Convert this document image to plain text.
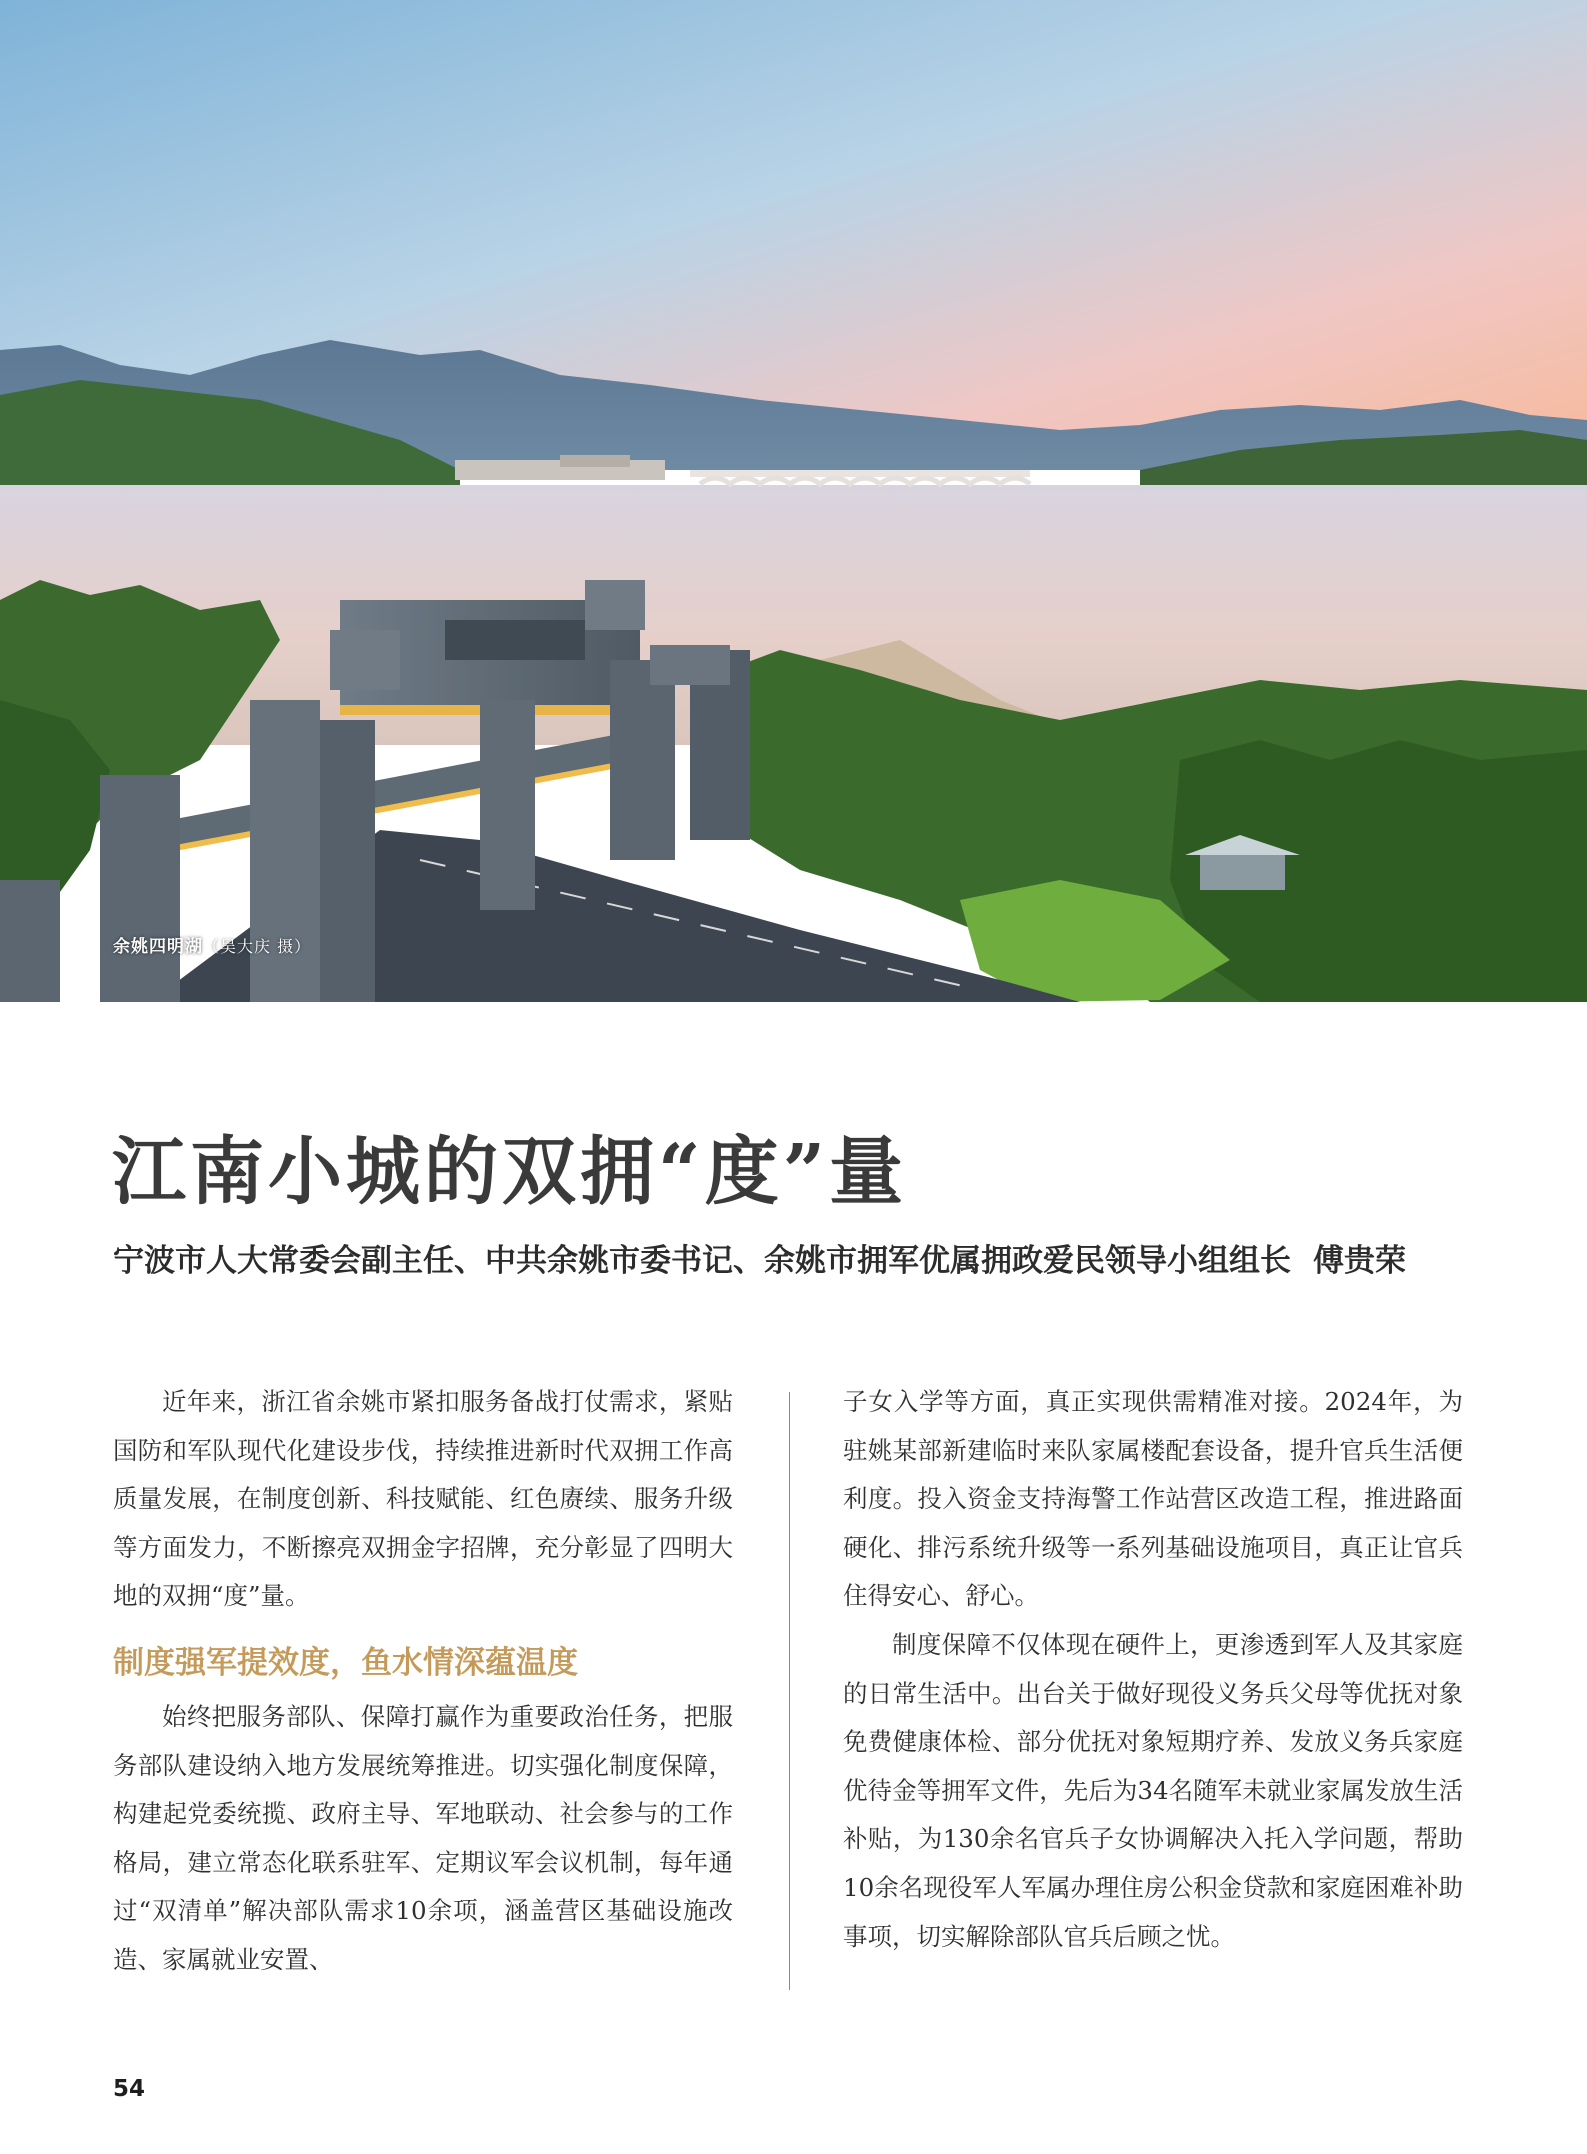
余姚四明湖（吴大庆 摄）
江南小城的双拥“度”量
宁波市人大常委会副主任、中共余姚市委书记、余姚市拥军优属拥政爱民领导小组组长 傅贵荣

近年来，浙江省余姚市紧扣服务备战打仗需求，紧贴国防和军队现代化建设步伐，持续推进新时代双拥工作高质量发展，在制度创新、科技赋能、红色赓续、服务升级等方面发力，不断擦亮双拥金字招牌，充分彰显了四明大地的双拥“度”量。

制度强军提效度，鱼水情深蕴温度

始终把服务部队、保障打赢作为重要政治任务，把服务部队建设纳入地方发展统筹推进。切实强化制度保障，构建起党委统揽、政府主导、军地联动、社会参与的工作格局，建立常态化联系驻军、定期议军会议机制，每年通过“双清单”解决部队需求10余项，涵盖营区基础设施改造、家属就业安置、

子女入学等方面，真正实现供需精准对接。2024年，为驻姚某部新建临时来队家属楼配套设备，提升官兵生活便利度。投入资金支持海警工作站营区改造工程，推进路面硬化、排污系统升级等一系列基础设施项目，真正让官兵住得安心、舒心。

制度保障不仅体现在硬件上，更渗透到军人及其家庭的日常生活中。出台关于做好现役义务兵父母等优抚对象免费健康体检、部分优抚对象短期疗养、发放义务兵家庭优待金等拥军文件，先后为34名随军未就业家属发放生活补贴，为130余名官兵子女协调解决入托入学问题，帮助10余名现役军人军属办理住房公积金贷款和家庭困难补助事项，切实解除部队官兵后顾之忧。

54
